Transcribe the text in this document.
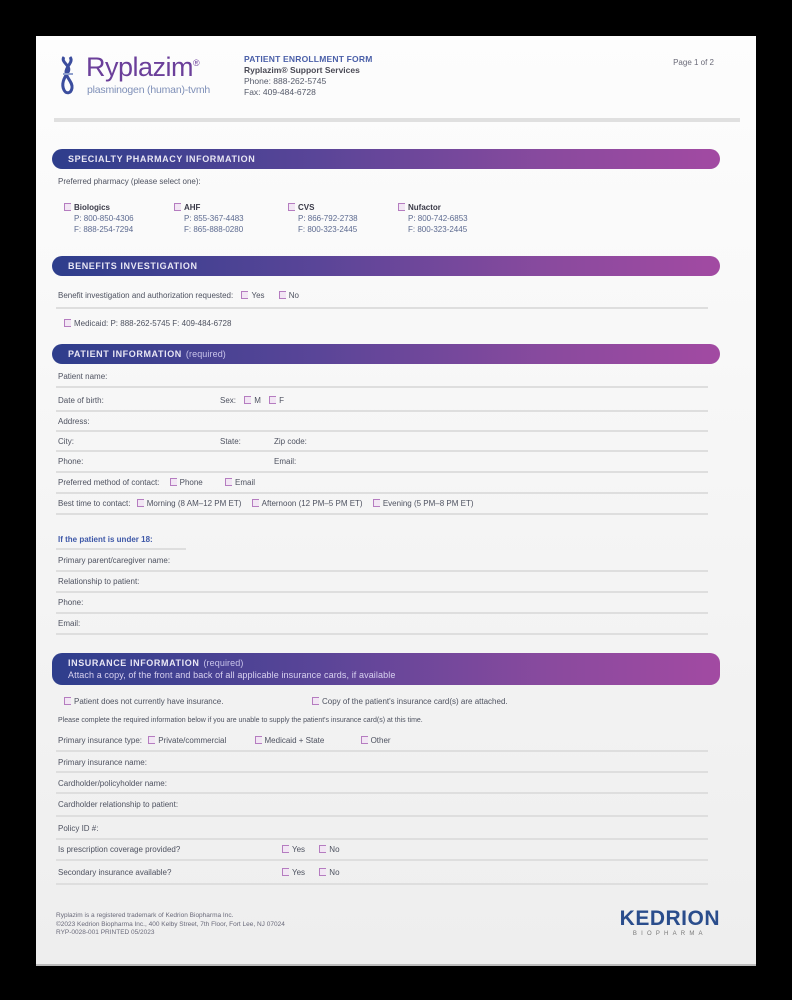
Ryplazim®
plasminogen (human)-tvmh
PATIENT ENROLLMENT FORM
Ryplazim® Support Services
Phone: 888-262-5745
Fax: 409-484-6728
Page 1 of 2
SPECIALTY PHARMACY INFORMATION
Preferred pharmacy (please select one):
Biologics
P: 800-850-4306
F: 888-254-7294
AHF
P: 855-367-4483
F: 865-888-0280
CVS
P: 866-792-2738
F: 800-323-2445
Nufactor
P: 800-742-6853
F: 800-323-2445
BENEFITS INVESTIGATION
Benefit investigation and authorization requested: Yes	No
Medicaid: P: 888-262-5745 F: 409-484-6728
PATIENT INFORMATION (required)
Patient name:
Date of birth:	Sex: M F
Address:
City:	State:	Zip code:
Phone:	Email:
Preferred method of contact:	Phone	Email
Best time to contact: Morning (8 AM–12 PM ET)	Afternoon (12 PM–5 PM ET)	Evening (5 PM–8 PM ET)
If the patient is under 18:
Primary parent/caregiver name:
Relationship to patient:
Phone:
Email:
INSURANCE INFORMATION (required)
Attach a copy, of the front and back of all applicable insurance cards, if available
Patient does not currently have insurance.	Copy of the patient's insurance card(s) are attached.
Please complete the required information below if you are unable to supply the patient's insurance card(s) at this time.
Primary insurance type: Private/commercial	Medicaid + State	Other
Primary insurance name:
Cardholder/policyholder name:
Cardholder relationship to patient:
Policy ID #:
Is prescription coverage provided?	Yes	No
Secondary insurance available?	Yes	No
Ryplazim is a registered trademark of Kedrion Biopharma Inc.
©2023 Kedrion Biopharma Inc., 400 Kelby Street, 7th Floor, Fort Lee, NJ 07024
RYP-0028-001 PRINTED 05/2023
KEDRION
BIOPHARMA
